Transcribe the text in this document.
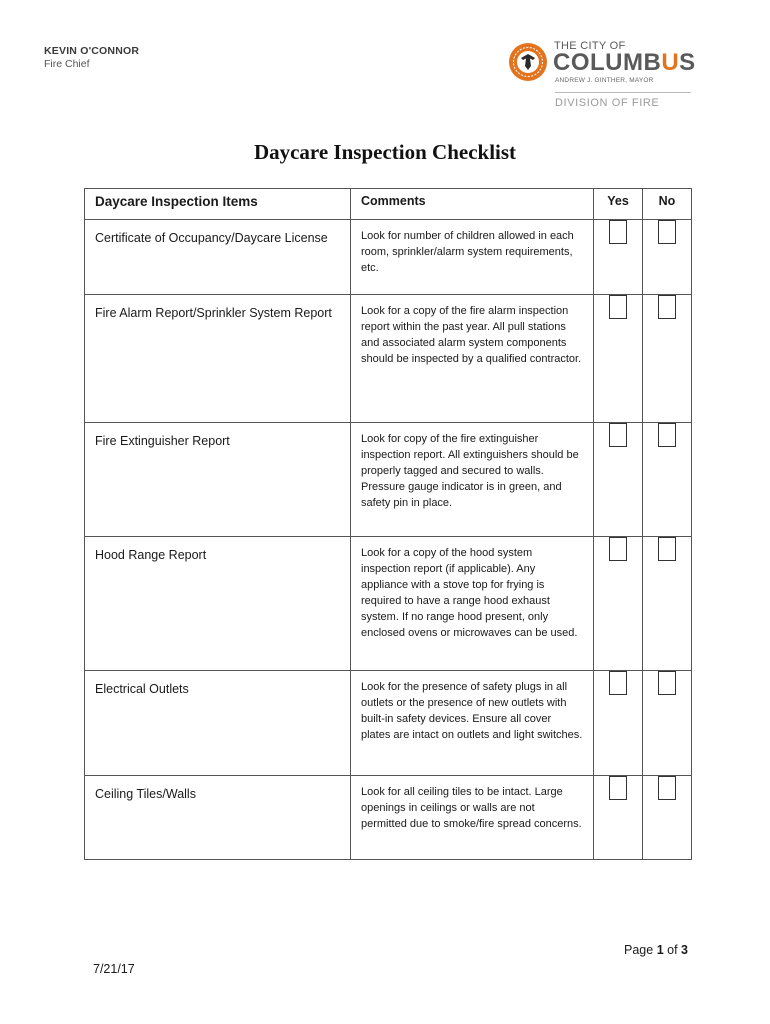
KEVIN O'CONNOR
Fire Chief
THE CITY OF
COLUMBUS
ANDREW J. GINTHER, MAYOR
DIVISION OF FIRE
Daycare Inspection Checklist
Daycare Inspection Items	Comments	Yes	No
Certificate of Occupancy/Daycare License	Look for number of children allowed in each room, sprinkler/alarm system requirements, etc.		
Fire Alarm Report/Sprinkler System Report	Look for a copy of the fire alarm inspection report within the past year. All pull stations and associated alarm system components should be inspected by a qualified contractor.		
Fire Extinguisher Report	Look for copy of the fire extinguisher inspection report. All extinguishers should be properly tagged and secured to walls. Pressure gauge indicator is in green, and safety pin in place.		
Hood Range Report	Look for a copy of the hood system inspection report (if applicable). Any appliance with a stove top for frying is required to have a range hood exhaust system. If no range hood present, only enclosed ovens or microwaves can be used.		
Electrical Outlets	Look for the presence of safety plugs in all outlets or the presence of new outlets with built-in safety devices. Ensure all cover plates are intact on outlets and light switches.		
Ceiling Tiles/Walls	Look for all ceiling tiles to be intact. Large openings in ceilings or walls are not permitted due to smoke/fire spread concerns.		
Page 1 of 3
7/21/17
